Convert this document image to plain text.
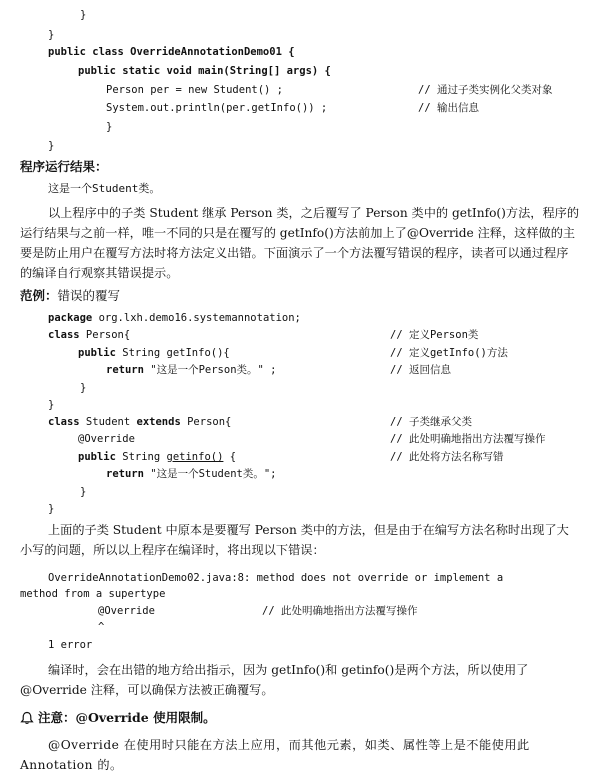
}
}
public class OverrideAnnotationDemo01 {
public static void main(String[] args) {
Person per = new Student() ;
System.out.println(per.getInfo()) ;
}
}
// 通过子类实例化父类对象
// 输出信息
程序运行结果：
这是一个Student类。
以上程序中的子类 Student 继承 Person 类，之后覆写了 Person 类中的 getInfo()方法，程序的运行结果与之前一样，唯一不同的只是在覆写的 getInfo()方法前加上了@Override 注释，这样做的主要是防止用户在覆写方法时将方法定义出错。下面演示了一个方法覆写错误的程序，读者可以通过程序的编译自行观察其错误提示。
范例：错误的覆写
package org.lxh.demo16.systemannotation;
class Person{
public String getInfo(){
return "这是一个Person类。" ;
}
}
class Student extends Person{
@Override
public String getinfo() {
return "这是一个Student类。";
}
}
// 定义Person类
// 定义getInfo()方法
// 返回信息
// 子类继承父类
// 此处明确地指出方法覆写操作
// 此处将方法名称写错
上面的子类 Student 中原本是要覆写 Person 类中的方法，但是由于在编写方法名称时出现了大小写的问题，所以以上程序在编译时，将出现以下错误：
OverrideAnnotationDemo02.java:8: method does not override or implement a
method from a supertype
@Override	// 此处明确地指出方法覆写操作
^
1 error
编译时，会在出错的地方给出指示，因为 getInfo()和 getinfo()是两个方法，所以使用了@Override 注释，可以确保方法被正确覆写。
注意：@Override 使用限制。
@Override 在使用时只能在方法上应用，而其他元素，如类、属性等上是不能使用此 Annotation 的。
